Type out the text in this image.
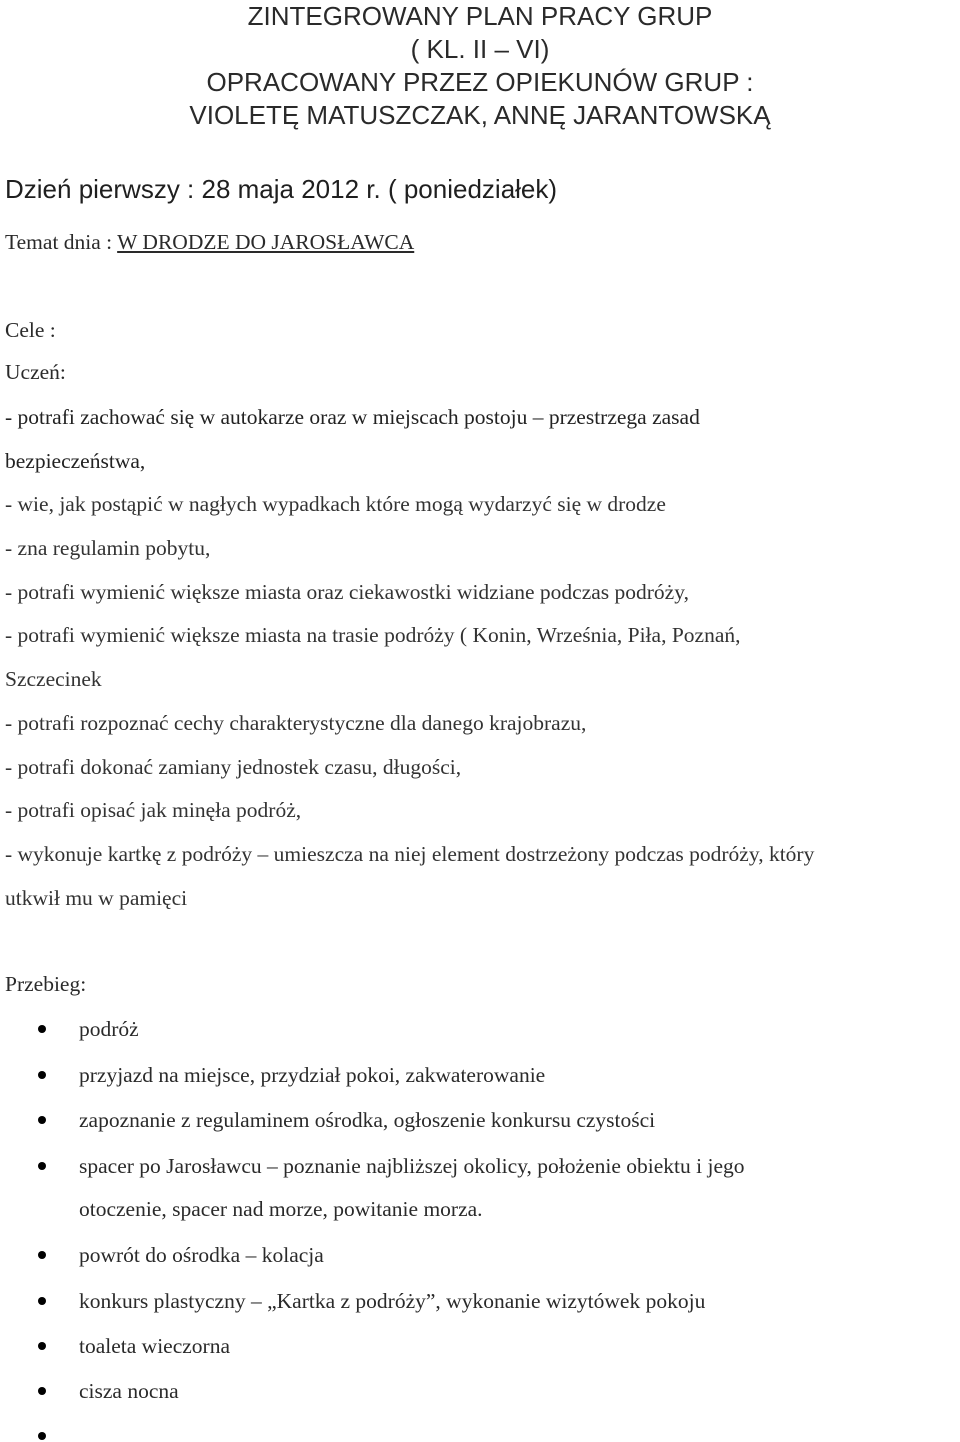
ZINTEGROWANY PLAN PRACY GRUP
( KL. II – VI)
OPRACOWANY PRZEZ OPIEKUNÓW GRUP :
VIOLETĘ MATUSZCZAK, ANNĘ JARANTOWSKĄ
Dzień pierwszy : 28 maja 2012 r. ( poniedziałek)
Temat dnia : W DRODZE DO JAROSŁAWCA
Cele :
Uczeń:
- potrafi zachować się w autokarze oraz w miejscach postoju – przestrzega zasad
bezpieczeństwa,
- wie, jak postąpić w nagłych wypadkach które mogą wydarzyć się w drodze
- zna regulamin pobytu,
- potrafi wymienić większe miasta oraz ciekawostki widziane podczas podróży,
- potrafi wymienić większe miasta na trasie podróży ( Konin, Września, Piła, Poznań,
Szczecinek
- potrafi rozpoznać cechy charakterystyczne dla danego krajobrazu,
- potrafi dokonać zamiany jednostek czasu, długości,
- potrafi opisać jak minęła podróż,
- wykonuje kartkę z podróży – umieszcza na niej element dostrzeżony podczas podróży, który
utkwił mu w pamięci
Przebieg:
podróż
przyjazd na miejsce, przydział pokoi, zakwaterowanie
zapoznanie z regulaminem ośrodka, ogłoszenie konkursu czystości
spacer po Jarosławcu – poznanie najbliższej okolicy, położenie obiektu i jego
otoczenie, spacer nad morze, powitanie morza.
powrót do ośrodka – kolacja
konkurs plastyczny – „Kartka z podróży”, wykonanie wizytówek pokoju
toaleta wieczorna
cisza nocna
